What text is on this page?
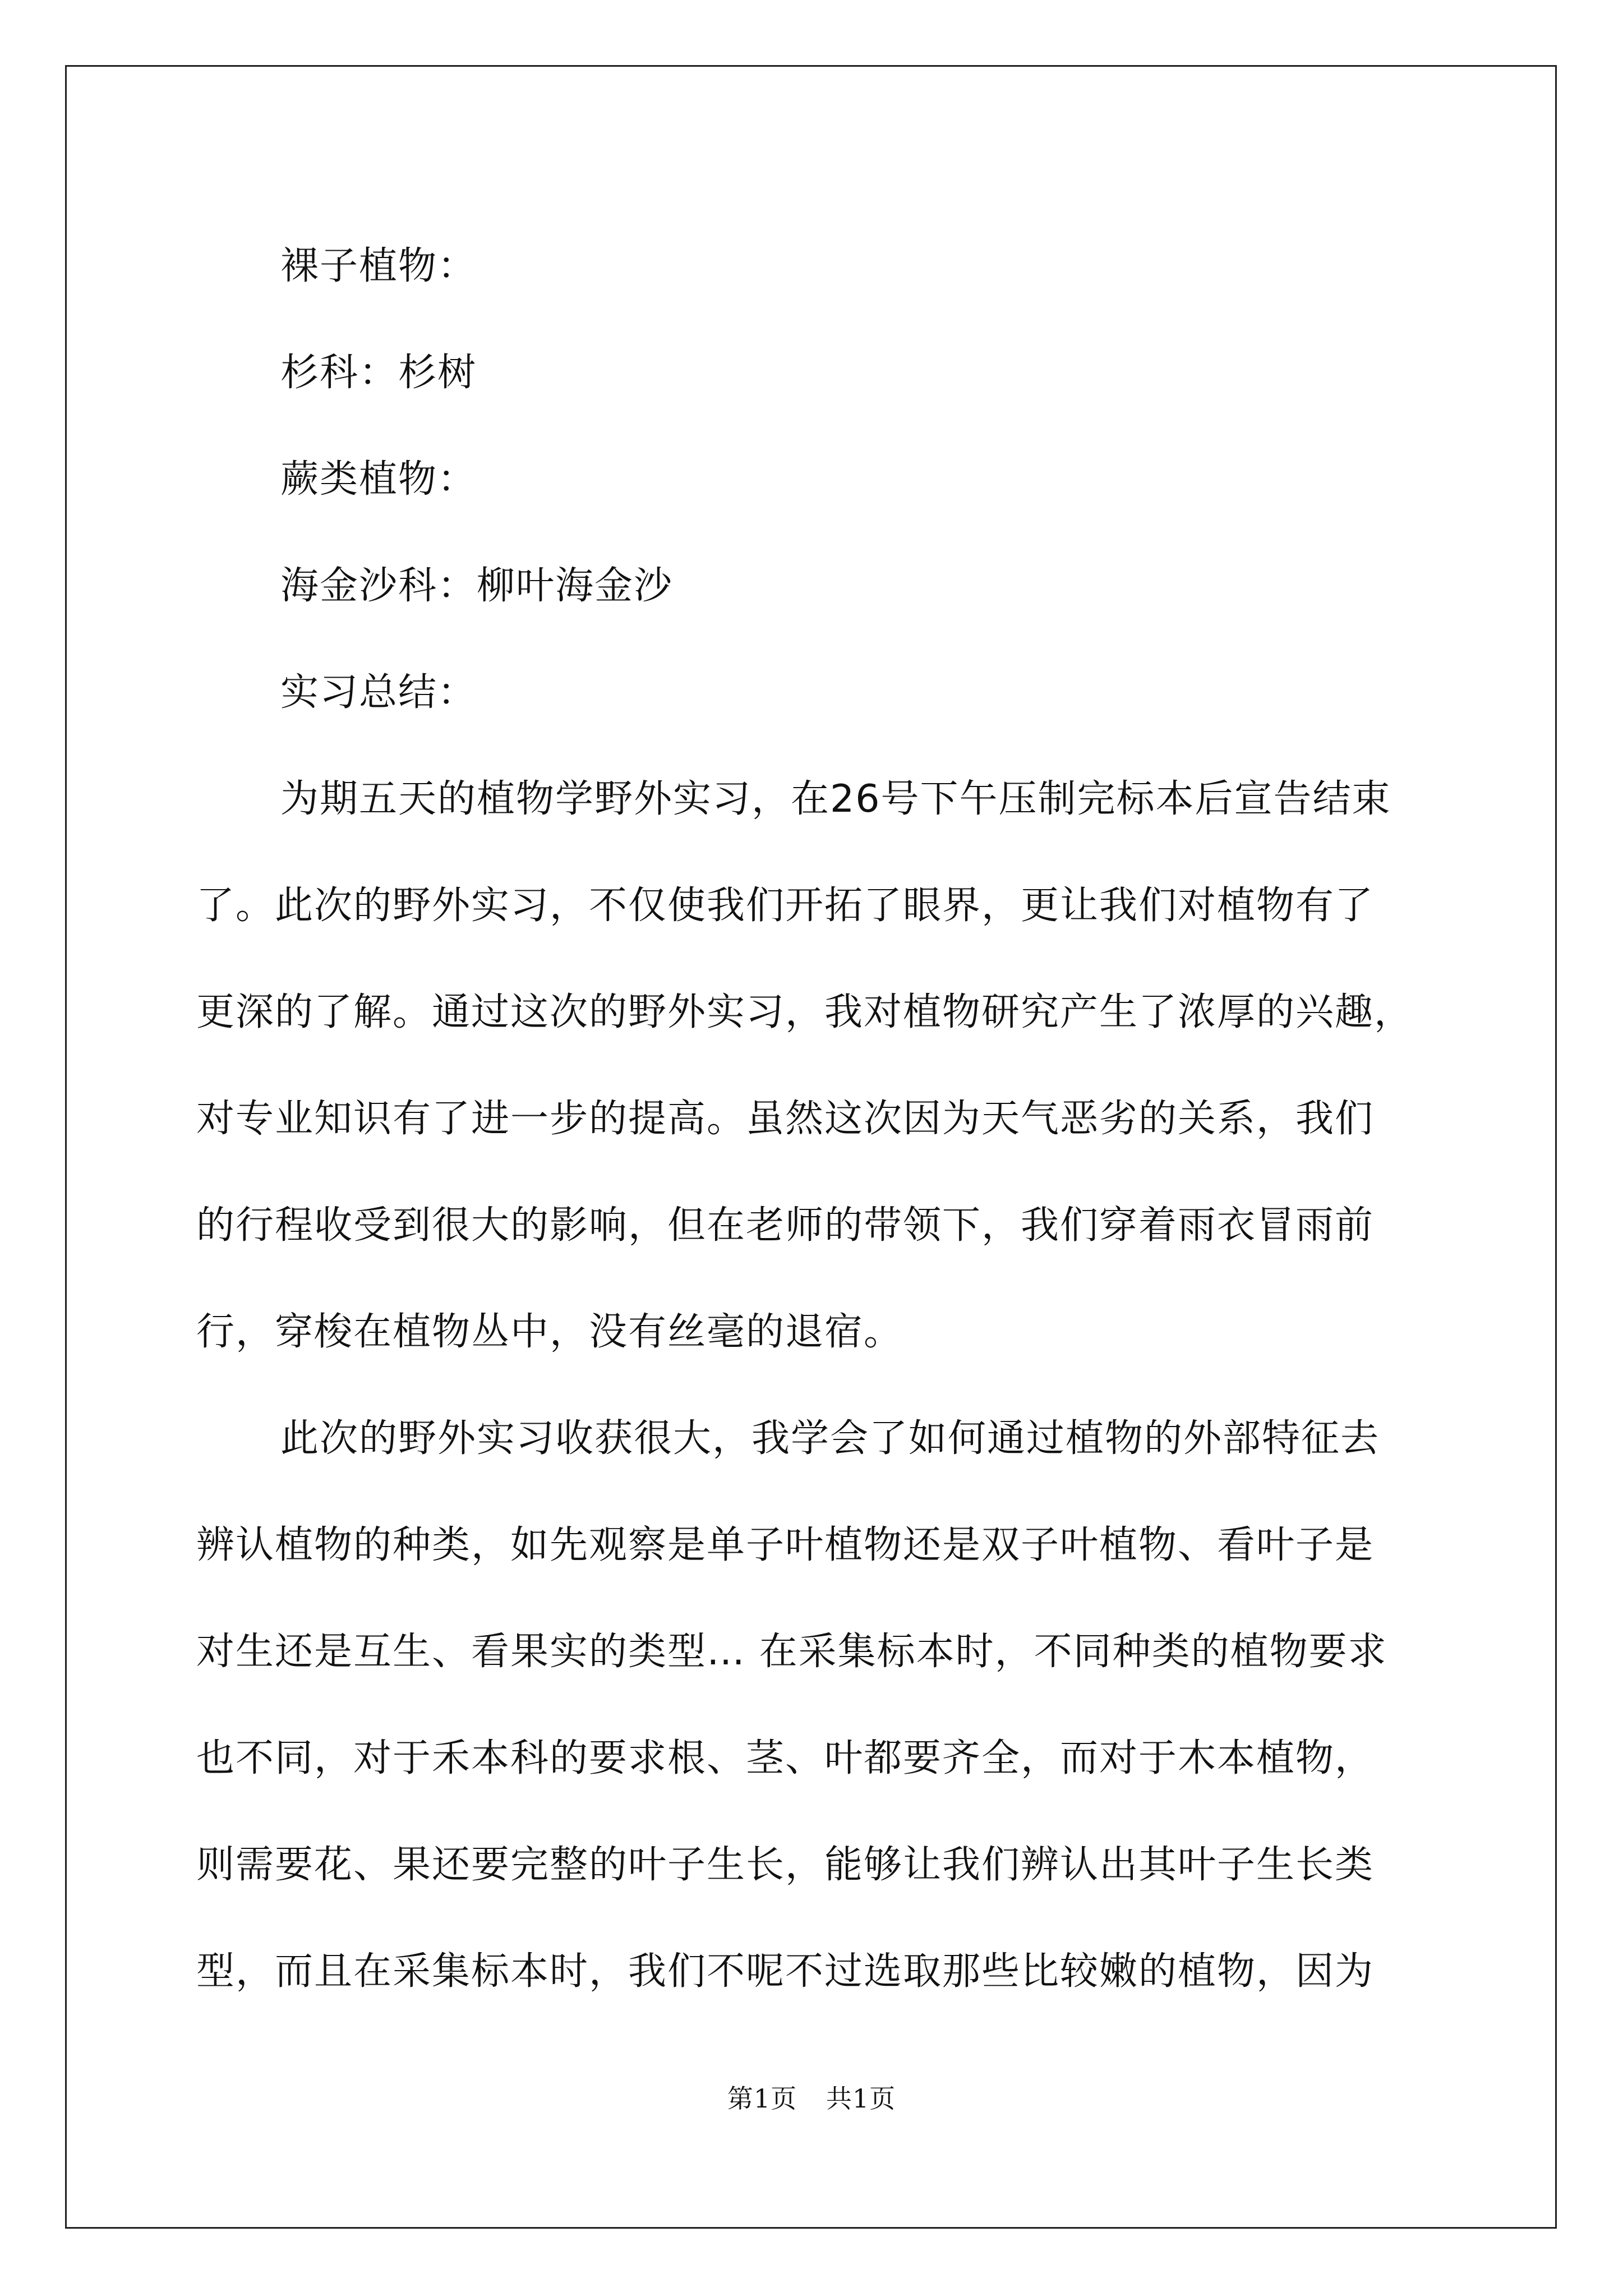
裸子植物：
杉科：杉树
蕨类植物：
海金沙科：柳叶海金沙
实习总结：
为期五天的植物学野外实习，在26号下午压制完标本后宣告结束
了。此次的野外实习，不仅使我们开拓了眼界，更让我们对植物有了
更深的了解。通过这次的野外实习，我对植物研究产生了浓厚的兴趣，
对专业知识有了进一步的提高。虽然这次因为天气恶劣的关系，我们
的行程收受到很大的影响，但在老师的带领下，我们穿着雨衣冒雨前
行，穿梭在植物丛中，没有丝毫的退宿。
此次的野外实习收获很大，我学会了如何通过植物的外部特征去
辨认植物的种类，如先观察是单子叶植物还是双子叶植物、看叶子是
对生还是互生、看果实的类型… 在采集标本时，不同种类的植物要求
也不同，对于禾本科的要求根、茎、叶都要齐全，而对于木本植物，
则需要花、果还要完整的叶子生长，能够让我们辨认出其叶子生长类
型，而且在采集标本时，我们不呢不过选取那些比较嫩的植物，因为
第1页 共1页
